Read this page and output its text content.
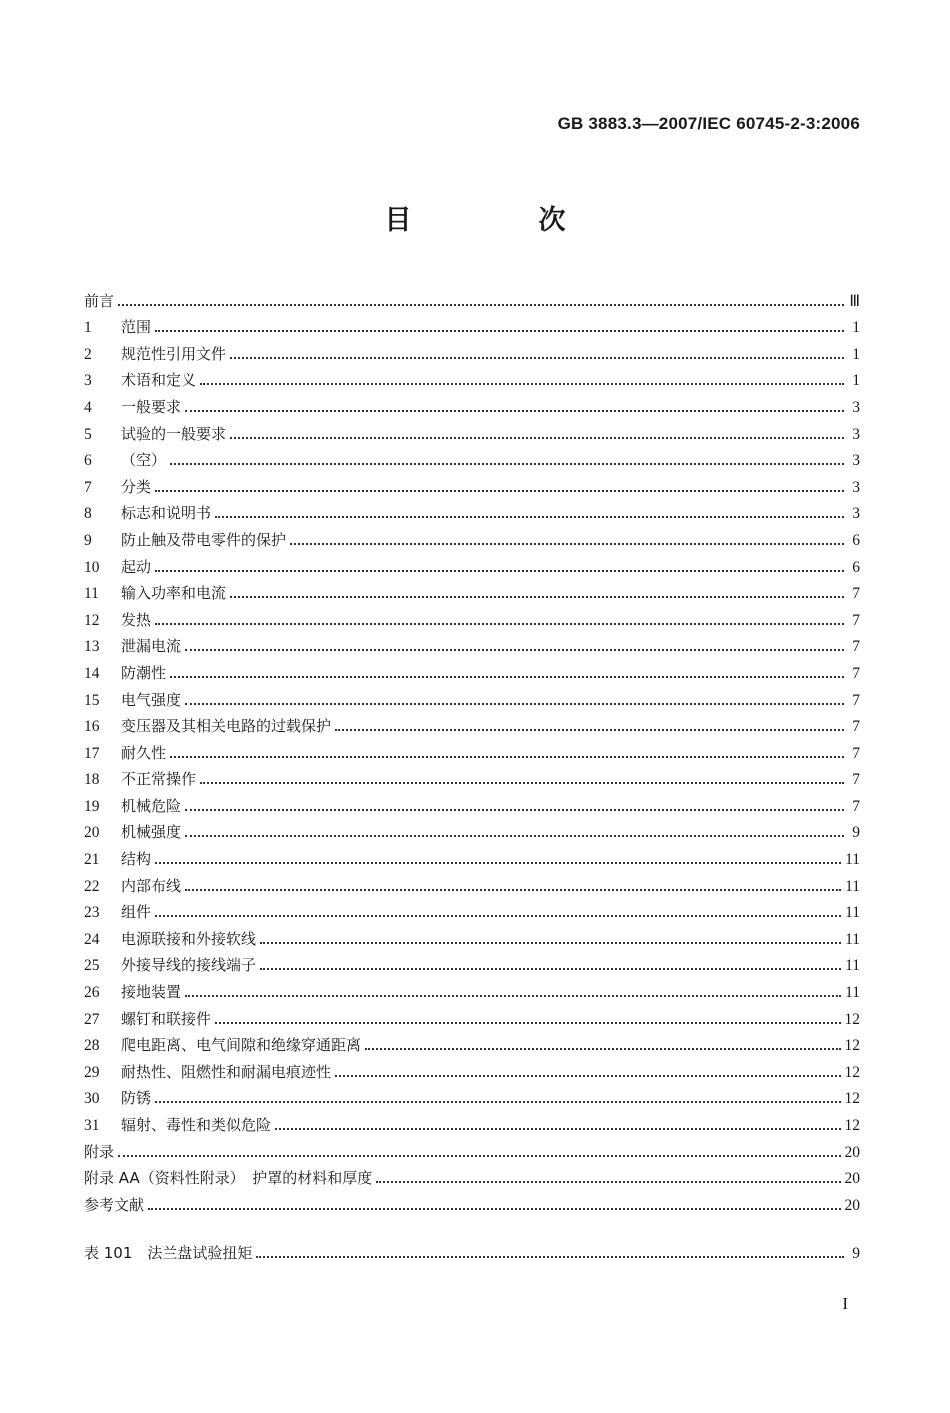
GB 3883.3—2007/IEC 60745-2-3:2006
目　次
前言	Ⅲ
1	范围	1
2	规范性引用文件	1
3	术语和定义	1
4	一般要求	3
5	试验的一般要求	3
6	（空）	3
7	分类	3
8	标志和说明书	3
9	防止触及带电零件的保护	6
10	起动	6
11	输入功率和电流	7
12	发热	7
13	泄漏电流	7
14	防潮性	7
15	电气强度	7
16	变压器及其相关电路的过载保护	7
17	耐久性	7
18	不正常操作	7
19	机械危险	7
20	机械强度	9
21	结构	11
22	内部布线	11
23	组件	11
24	电源联接和外接软线	11
25	外接导线的接线端子	11
26	接地装置	11
27	螺钉和联接件	12
28	爬电距离、电气间隙和绝缘穿通距离	12
29	耐热性、阻燃性和耐漏电痕迹性	12
30	防锈	12
31	辐射、毒性和类似危险	12
附录	20
附录 AA（资料性附录）　护罩的材料和厚度	20
参考文献	20
表 101　法兰盘试验扭矩	9
I
